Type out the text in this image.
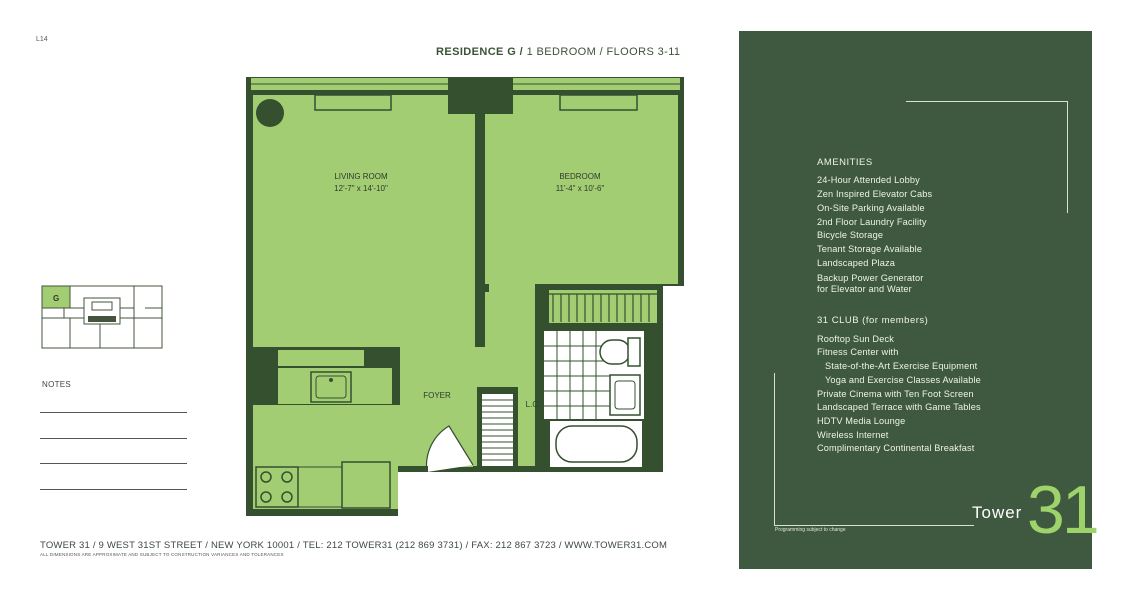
L14
RESIDENCE G / 1 BEDROOM / FLOORS 3-11
LIVING ROOM
12'-7" x 14'-10"
BEDROOM
11'-4" x 10'-6"
FOYER
L.C.
G
NOTES
TOWER 31 / 9 WEST 31ST STREET / NEW YORK 10001 / TEL: 212 TOWER31 (212 869 3731) / FAX: 212 867 3723 / WWW.TOWER31.COM
ALL DIMENSIONS ARE APPROXIMATE AND SUBJECT TO CONSTRUCTION VARIANCES AND TOLERANCES
AMENITIES
24-Hour Attended Lobby
Zen Inspired Elevator Cabs
On-Site Parking Available
2nd Floor Laundry Facility
Bicycle Storage
Tenant Storage Available
Landscaped Plaza
Backup Power Generator
for Elevator and Water
31 CLUB (for members)
Rooftop Sun Deck
Fitness Center with
State-of-the-Art Exercise Equipment
Yoga and Exercise Classes Available
Private Cinema with Ten Foot Screen
Landscaped Terrace with Game Tables
HDTV Media Lounge
Wireless Internet
Complimentary Continental Breakfast
Programming subject to change
Tower 31
